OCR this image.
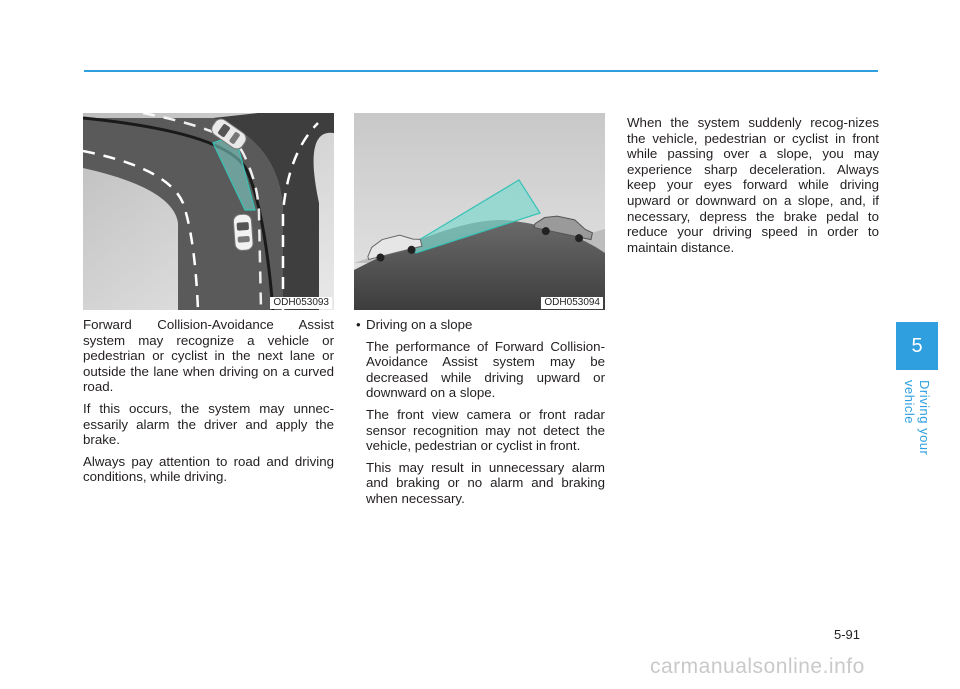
ODH053093	ODH053094

Forward Collision-Avoidance Assist system may recognize a vehicle or pedestrian or cyclist in the next lane or outside the lane when driving on a curved road.

If this occurs, the system may unnec-essarily alarm the driver and apply the brake.

Always pay attention to road and driving conditions, while driving.

• Driving on a slope

The performance of Forward Collision-Avoidance Assist system may be decreased while driving upward or downward on a slope.

The front view camera or front radar sensor recognition may not detect the vehicle, pedestrian or cyclist in front.

This may result in unnecessary alarm and braking or no alarm and braking when necessary.

When the system suddenly recog-nizes the vehicle, pedestrian or cyclist in front while passing over a slope, you may experience sharp deceleration. Always keep your eyes forward while driving upward or downward on a slope, and, if necessary, depress the brake pedal to reduce your driving speed in order to maintain distance.

5
Driving your vehicle
5-91
carmanualsonline.info
